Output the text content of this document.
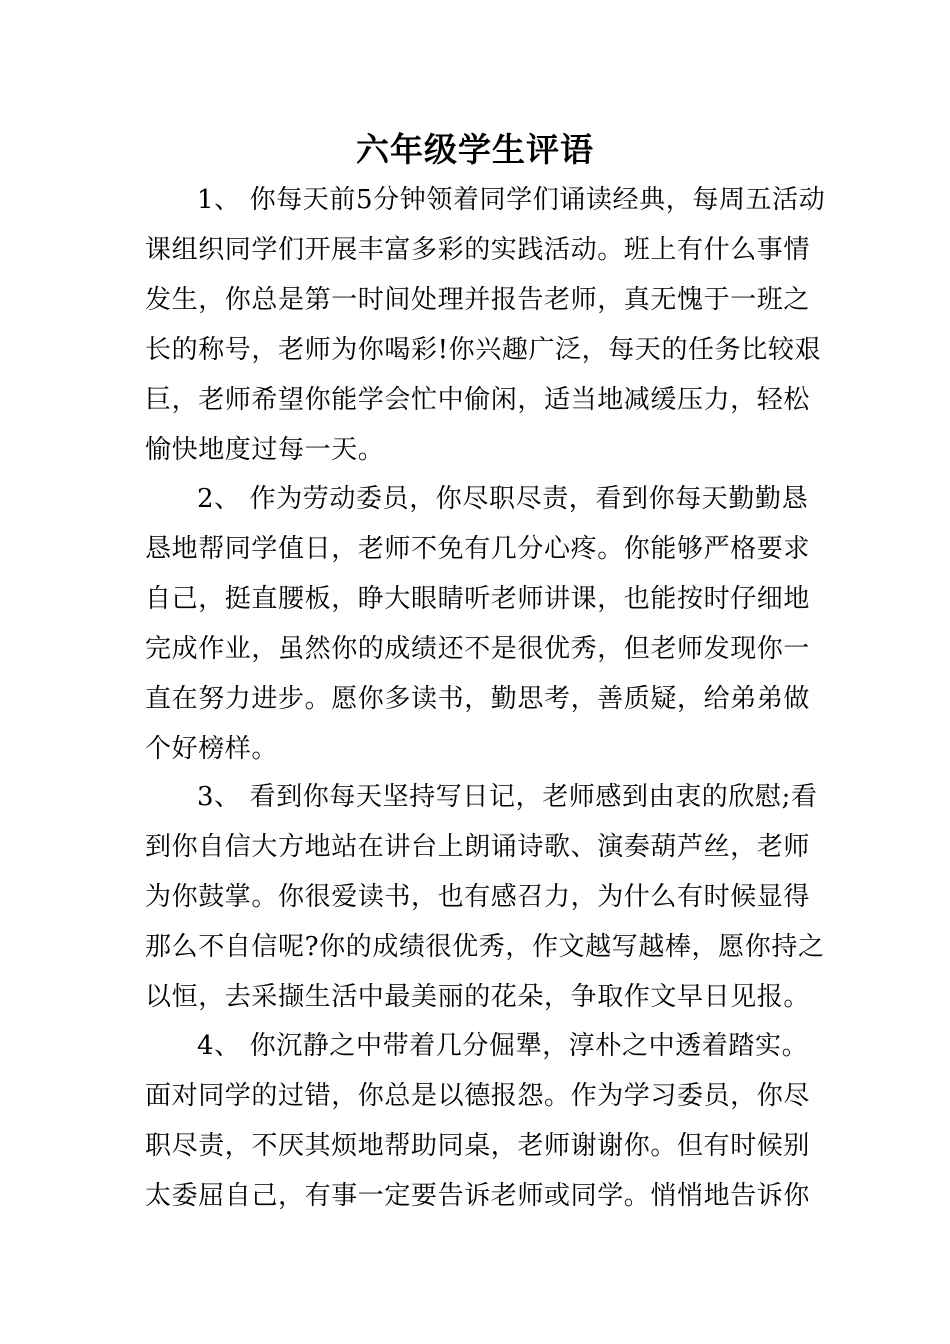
六年级学生评语
1、 你每天前5分钟领着同学们诵读经典，每周五活动
课组织同学们开展丰富多彩的实践活动。班上有什么事情
发生，你总是第一时间处理并报告老师，真无愧于一班之
长的称号，老师为你喝彩!你兴趣广泛，每天的任务比较艰
巨，老师希望你能学会忙中偷闲，适当地减缓压力，轻松
愉快地度过每一天。
2、 作为劳动委员，你尽职尽责，看到你每天勤勤恳
恳地帮同学值日，老师不免有几分心疼。你能够严格要求
自己，挺直腰板，睁大眼睛听老师讲课，也能按时仔细地
完成作业，虽然你的成绩还不是很优秀，但老师发现你一
直在努力进步。愿你多读书，勤思考，善质疑，给弟弟做
个好榜样。
3、 看到你每天坚持写日记，老师感到由衷的欣慰;看
到你自信大方地站在讲台上朗诵诗歌、演奏葫芦丝，老师
为你鼓掌。你很爱读书，也有感召力，为什么有时候显得
那么不自信呢?你的成绩很优秀，作文越写越棒，愿你持之
以恒，去采撷生活中最美丽的花朵，争取作文早日见报。
4、 你沉静之中带着几分倔犟，淳朴之中透着踏实。
面对同学的过错，你总是以德报怨。作为学习委员，你尽
职尽责，不厌其烦地帮助同桌，老师谢谢你。但有时候别
太委屈自己，有事一定要告诉老师或同学。悄悄地告诉你
